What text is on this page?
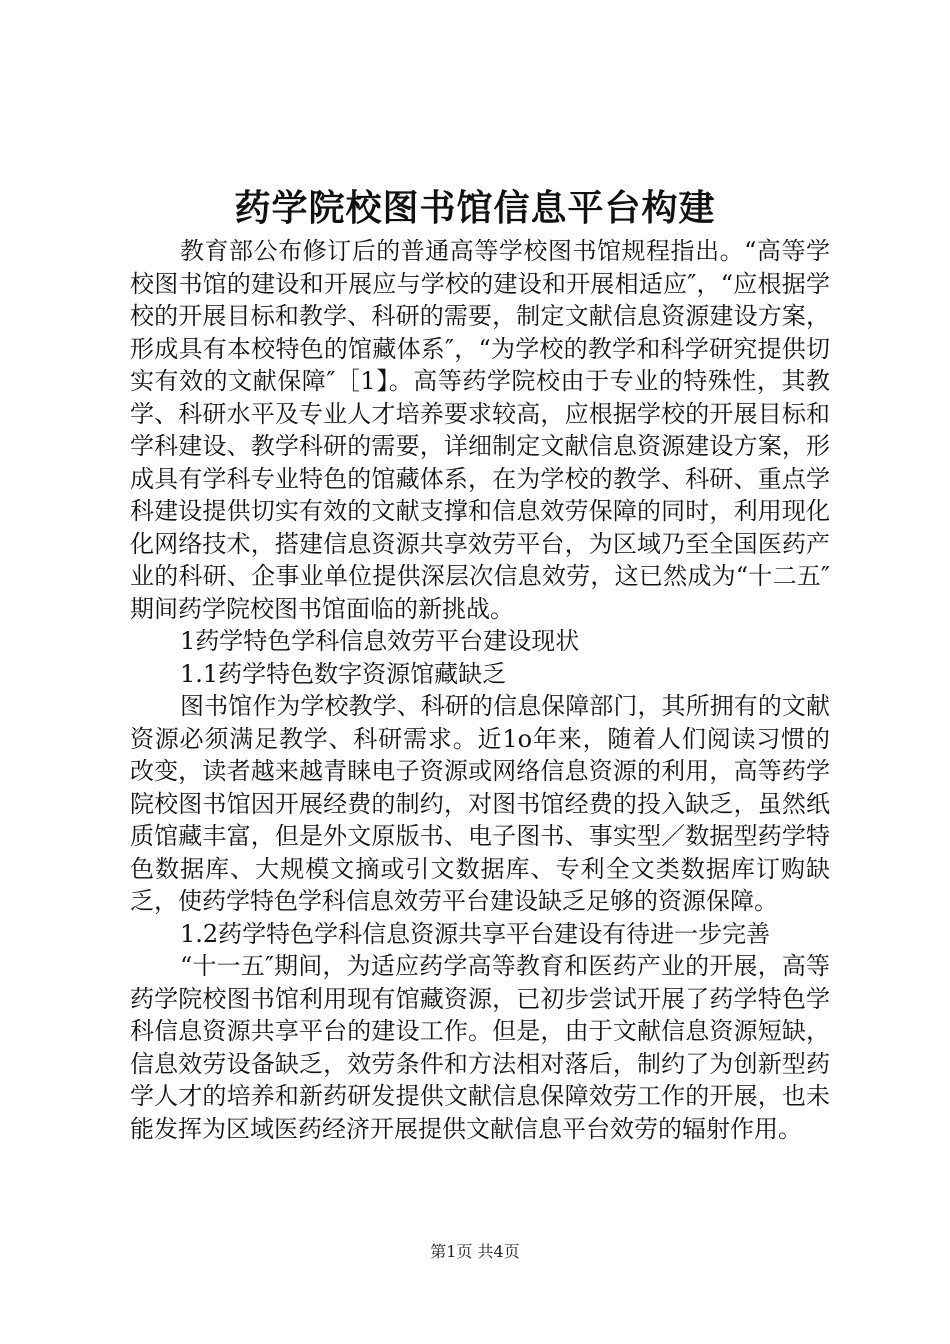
药学院校图书馆信息平台构建

教育部公布修订后的普通高等学校图书馆规程指出。“高等学校图书馆的建设和开展应与学校的建设和开展相适应″，“应根据学校的开展目标和教学、科研的需要，制定文献信息资源建设方案，形成具有本校特色的馆藏体系″，“为学校的教学和科学研究提供切实有效的文献保障″［1】。高等药学院校由于专业的特殊性，其教学、科研水平及专业人才培养要求较高，应根据学校的开展目标和学科建设、教学科研的需要，详细制定文献信息资源建设方案，形成具有学科专业特色的馆藏体系，在为学校的教学、科研、重点学科建设提供切实有效的文献支撑和信息效劳保障的同时，利用现化化网络技术，搭建信息资源共享效劳平台，为区域乃至全国医药产业的科研、企事业单位提供深层次信息效劳，这已然成为“十二五″期间药学院校图书馆面临的新挑战。

1药学特色学科信息效劳平台建设现状

1.1药学特色数字资源馆藏缺乏

图书馆作为学校教学、科研的信息保障部门，其所拥有的文献资源必须满足教学、科研需求。近1o年来，随着人们阅读习惯的改变，读者越来越青睐电子资源或网络信息资源的利用，高等药学院校图书馆因开展经费的制约，对图书馆经费的投入缺乏，虽然纸质馆藏丰富，但是外文原版书、电子图书、事实型／数据型药学特色数据库、大规模文摘或引文数据库、专利全文类数据库订购缺乏，使药学特色学科信息效劳平台建设缺乏足够的资源保障。

1.2药学特色学科信息资源共享平台建设有待进一步完善

“十一五″期间，为适应药学高等教育和医药产业的开展，高等药学院校图书馆利用现有馆藏资源，已初步尝试开展了药学特色学科信息资源共享平台的建设工作。但是，由于文献信息资源短缺，信息效劳设备缺乏，效劳条件和方法相对落后，制约了为创新型药学人才的培养和新药研发提供文献信息保障效劳工作的开展，也未能发挥为区域医药经济开展提供文献信息平台效劳的辐射作用。

第1页 共4页
